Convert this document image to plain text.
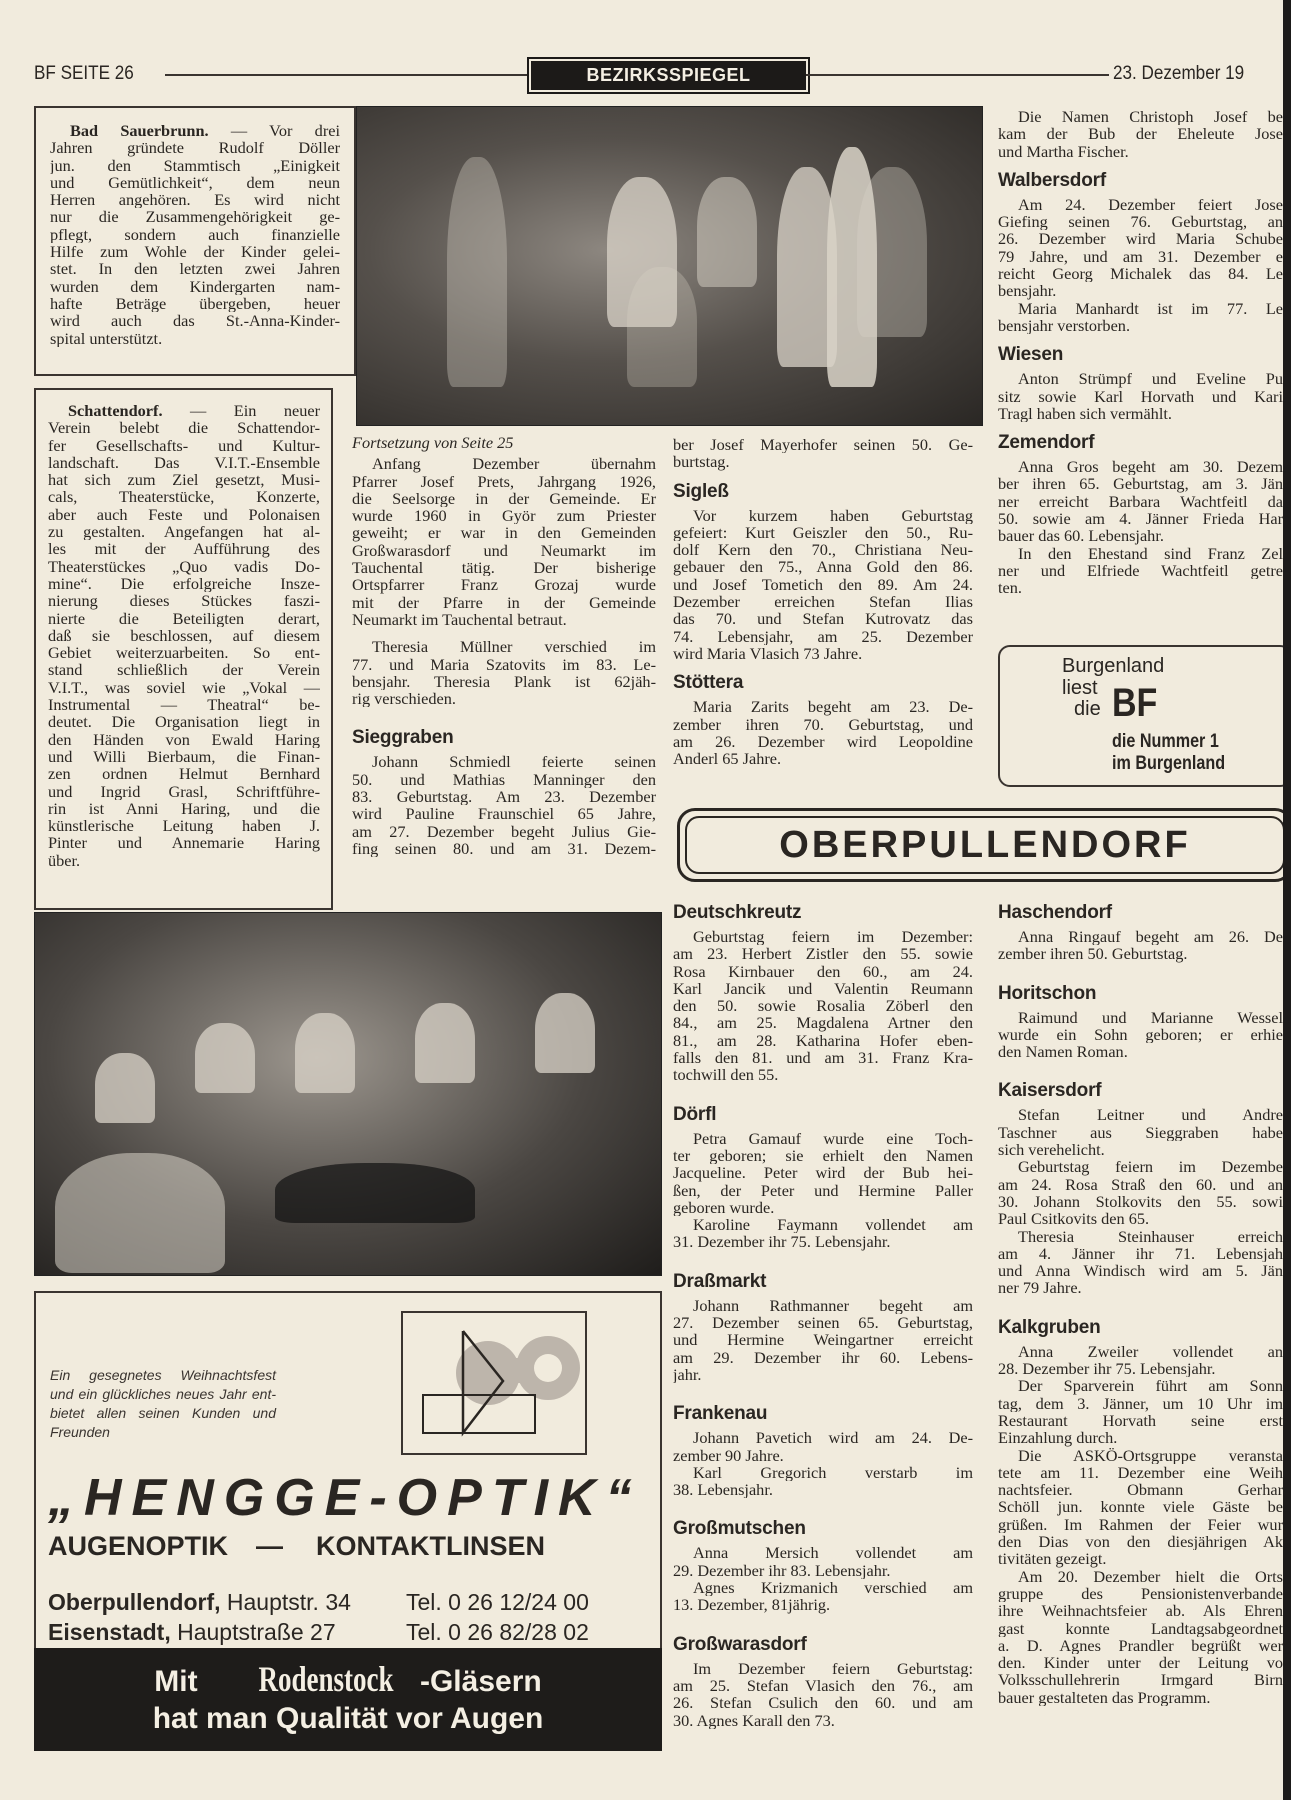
BF SEITE 26	BEZIRKSSPIEGEL	23. Dezember 19
Bad Sauerbrunn. — Vor drei
Jahren gründete Rudolf Döller
jun. den Stammtisch „Einigkeit
und Gemütlichkeit“, dem neun
Herren angehören. Es wird nicht
nur die Zusammengehörigkeit ge-
pflegt, sondern auch finanzielle
Hilfe zum Wohle der Kinder gelei-
stet. In den letzten zwei Jahren
wurden dem Kindergarten nam-
hafte Beträge übergeben, heuer
wird auch das St.-Anna-Kinder-
spital unterstützt.
Schattendorf. — Ein neuer
Verein belebt die Schattendor-
fer Gesellschafts- und Kultur-
landschaft. Das V.I.T.-Ensemble
hat sich zum Ziel gesetzt, Musi-
cals, Theaterstücke, Konzerte,
aber auch Feste und Polonaisen
zu gestalten. Angefangen hat al-
les mit der Aufführung des
Theaterstückes „Quo vadis Do-
mine“. Die erfolgreiche Insze-
nierung dieses Stückes faszi-
nierte die Beteiligten derart,
daß sie beschlossen, auf diesem
Gebiet weiterzuarbeiten. So ent-
stand schließlich der Verein
V.I.T., was soviel wie „Vokal —
Instrumental — Theatral“ be-
deutet. Die Organisation liegt in
den Händen von Ewald Haring
und Willi Bierbaum, die Finan-
zen ordnen Helmut Bernhard
und Ingrid Grasl, Schriftführe-
rin ist Anni Haring, und die
künstlerische Leitung haben J.
Pinter und Annemarie Haring
über.
Fortsetzung von Seite 25
Anfang Dezember übernahm
Pfarrer Josef Prets, Jahrgang 1926,
die Seelsorge in der Gemeinde. Er
wurde 1960 in Györ zum Priester
geweiht; er war in den Gemeinden
Großwarasdorf und Neumarkt im
Tauchental tätig. Der bisherige
Ortspfarrer Franz Grozaj wurde
mit der Pfarre in der Gemeinde
Neumarkt im Tauchental betraut.
Theresia Müllner verschied im
77. und Maria Szatovits im 83. Le-
bensjahr. Theresia Plank ist 62jäh-
rig verschieden.
Sieggraben
Johann Schmiedl feierte seinen
50. und Mathias Manninger den
83. Geburtstag. Am 23. Dezember
wird Pauline Fraunschiel 65 Jahre,
am 27. Dezember begeht Julius Gie-
fing seinen 80. und am 31. Dezem-
ber Josef Mayerhofer seinen 50. Ge-
burtstag.
Sigleß
Vor kurzem haben Geburtstag
gefeiert: Kurt Geiszler den 50., Ru-
dolf Kern den 70., Christiana Neu-
gebauer den 75., Anna Gold den 86.
und Josef Tometich den 89. Am 24.
Dezember erreichen Stefan Ilias
das 70. und Stefan Kutrovatz das
74. Lebensjahr, am 25. Dezember
wird Maria Vlasich 73 Jahre.
Stöttera
Maria Zarits begeht am 23. De-
zember ihren 70. Geburtstag, und
am 26. Dezember wird Leopoldine
Anderl 65 Jahre.
Die Namen Christoph Josef be
kam der Bub der Eheleute Jose
und Martha Fischer.
Walbersdorf
Am 24. Dezember feiert Jose
Giefing seinen 76. Geburtstag, an
26. Dezember wird Maria Schube
79 Jahre, und am 31. Dezember e
reicht Georg Michalek das 84. Le
bensjahr.
Maria Manhardt ist im 77. Le
bensjahr verstorben.
Wiesen
Anton Strümpf und Eveline Pu
sitz sowie Karl Horvath und Kari
Tragl haben sich vermählt.
Zemendorf
Anna Gros begeht am 30. Dezem
ber ihren 65. Geburtstag, am 3. Jän
ner erreicht Barbara Wachtfeitl da
50. sowie am 4. Jänner Frieda Har
bauer das 60. Lebensjahr.
In den Ehestand sind Franz Zel
ner und Elfriede Wachtfeitl getre
ten.
Burgenland
liest
die BF
die Nummer 1
im Burgenland
OBERPULLENDORF
Ein gesegnetes Weihnachtsfest
und ein glückliches neues Jahr ent-
bietet allen seinen Kunden und
Freunden
„HENGGE-OPTIK“
AUGENOPTIK — KONTAKTLINSEN
Oberpullendorf, Hauptstr. 34 Tel. 0 26 12/24 00
Eisenstadt, Hauptstraße 27	Tel. 0 26 82/28 02
Mit Rodenstock -Gläsern
hat man Qualität vor Augen
Deutschkreutz
Geburtstag feiern im Dezember:
am 23. Herbert Zistler den 55. sowie
Rosa Kirnbauer den 60., am 24.
Karl Jancik und Valentin Reumann
den 50. sowie Rosalia Zöberl den
84., am 25. Magdalena Artner den
81., am 28. Katharina Hofer eben-
falls den 81. und am 31. Franz Kra-
tochwill den 55.
Dörfl
Petra Gamauf wurde eine Toch-
ter geboren; sie erhielt den Namen
Jacqueline. Peter wird der Bub hei-
ßen, der Peter und Hermine Paller
geboren wurde.
Karoline Faymann vollendet am
31. Dezember ihr 75. Lebensjahr.
Draßmarkt
Johann Rathmanner begeht am
27. Dezember seinen 65. Geburtstag,
und Hermine Weingartner erreicht
am 29. Dezember ihr 60. Lebens-
jahr.
Frankenau
Johann Pavetich wird am 24. De-
zember 90 Jahre.
Karl Gregorich verstarb im
38. Lebensjahr.
Großmutschen
Anna Mersich vollendet am
29. Dezember ihr 83. Lebensjahr.
Agnes Krizmanich verschied am
13. Dezember, 81jährig.
Großwarasdorf
Im Dezember feiern Geburtstag:
am 25. Stefan Vlasich den 76., am
26. Stefan Csulich den 60. und am
30. Agnes Karall den 73.
Haschendorf
Anna Ringauf begeht am 26. De
zember ihren 50. Geburtstag.
Horitschon
Raimund und Marianne Wessel
wurde ein Sohn geboren; er erhie
den Namen Roman.
Kaisersdorf
Stefan Leitner und Andre
Taschner aus Sieggraben habe
sich verehelicht.
Geburtstag feiern im Dezembe
am 24. Rosa Straß den 60. und an
30. Johann Stolkovits den 55. sowi
Paul Csitkovits den 65.
Theresia Steinhauser erreich
am 4. Jänner ihr 71. Lebensjah
und Anna Windisch wird am 5. Jän
ner 79 Jahre.
Kalkgruben
Anna Zweiler vollendet an
28. Dezember ihr 75. Lebensjahr.
Der Sparverein führt am Sonn
tag, dem 3. Jänner, um 10 Uhr im
Restaurant Horvath seine erst
Einzahlung durch.
Die ASKÖ-Ortsgruppe veransta
tete am 11. Dezember eine Weih
nachtsfeier. Obmann Gerhar
Schöll jun. konnte viele Gäste be
grüßen. Im Rahmen der Feier wur
den Dias von den diesjährigen Ak
tivitäten gezeigt.
Am 20. Dezember hielt die Orts
gruppe des Pensionistenverbande
ihre Weihnachtsfeier ab. Als Ehren
gast konnte Landtagsabgeordnet
a. D. Agnes Prandler begrüßt wer
den. Kinder unter der Leitung vo
Volksschullehrerin Irmgard Birn
bauer gestalteten das Programm.
